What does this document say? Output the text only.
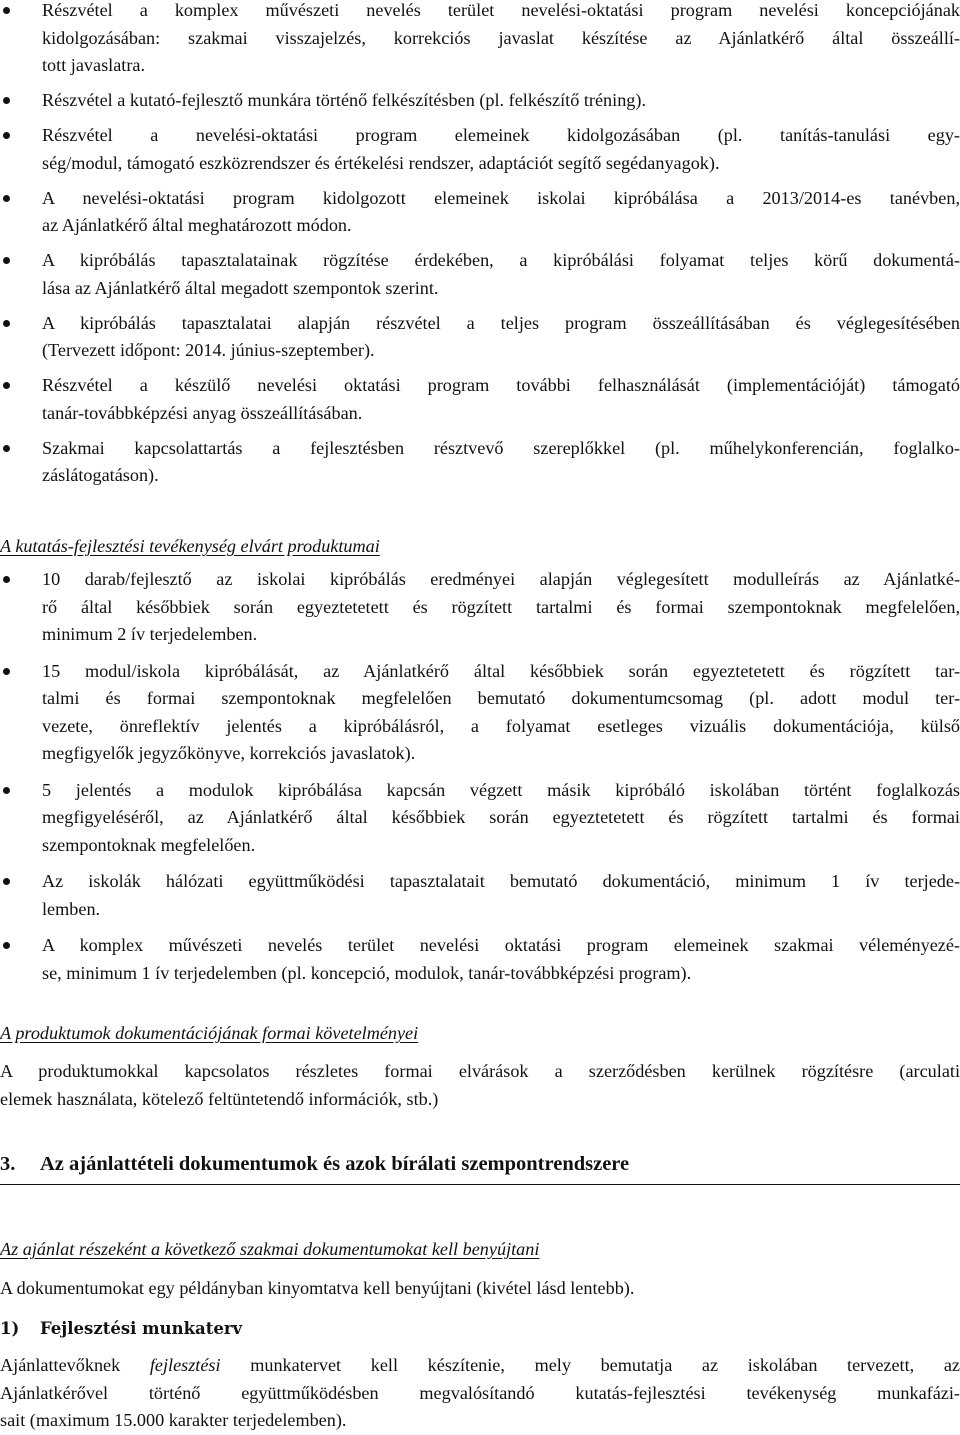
Részvétel a komplex művészeti nevelés terület nevelési-oktatási program nevelési koncepciójának
kidolgozásában: szakmai visszajelzés, korrekciós javaslat készítése az Ajánlatkérő által összeállí-
tott javaslatra.
Részvétel a kutató-fejlesztő munkára történő felkészítésben (pl. felkészítő tréning).
Részvétel a nevelési-oktatási program elemeinek kidolgozásában (pl. tanítás-tanulási egy-
ség/modul, támogató eszközrendszer és értékelési rendszer, adaptációt segítő segédanyagok).
A nevelési-oktatási program kidolgozott elemeinek iskolai kipróbálása a 2013/2014-es tanévben,
az Ajánlatkérő által meghatározott módon.
A kipróbálás tapasztalatainak rögzítése érdekében, a kipróbálási folyamat teljes körű dokumentá-
lása az Ajánlatkérő által megadott szempontok szerint.
A kipróbálás tapasztalatai alapján részvétel a teljes program összeállításában és véglegesítésében
(Tervezett időpont: 2014. június-szeptember).
Részvétel a készülő nevelési oktatási program további felhasználását (implementációját) támogató
tanár-továbbképzési anyag összeállításában.
Szakmai kapcsolattartás a fejlesztésben résztvevő szereplőkkel (pl. műhelykonferencián, foglalko-
záslátogatáson).
A kutatás-fejlesztési tevékenység elvárt produktumai
10 darab/fejlesztő az iskolai kipróbálás eredményei alapján véglegesített modulleírás az Ajánlatké-
rő által későbbiek során egyeztetetett és rögzített tartalmi és formai szempontoknak megfelelően,
minimum 2 ív terjedelemben.
15 modul/iskola kipróbálását, az Ajánlatkérő által későbbiek során egyeztetetett és rögzített tar-
talmi és formai szempontoknak megfelelően bemutató dokumentumcsomag (pl. adott modul ter-
vezete, önreflektív jelentés a kipróbálásról, a folyamat esetleges vizuális dokumentációja, külső
megfigyelők jegyzőkönyve, korrekciós javaslatok).
5 jelentés a modulok kipróbálása kapcsán végzett másik kipróbáló iskolában történt foglalkozás
megfigyeléséről, az Ajánlatkérő által későbbiek során egyeztetetett és rögzített tartalmi és formai
szempontoknak megfelelően.
Az iskolák hálózati együttműködési tapasztalatait bemutató dokumentáció, minimum 1 ív terjede-
lemben.
A komplex művészeti nevelés terület nevelési oktatási program elemeinek szakmai véleményezé-
se, minimum 1 ív terjedelemben (pl. koncepció, modulok, tanár-továbbképzési program).
A produktumok dokumentációjának formai követelményei
A produktumokkal kapcsolatos részletes formai elvárások a szerződésben kerülnek rögzítésre (arculati
elemek használata, kötelező feltüntetendő információk, stb.)
3. Az ajánlattételi dokumentumok és azok bírálati szempontrendszere
Az ajánlat részeként a következő szakmai dokumentumokat kell benyújtani
A dokumentumokat egy példányban kinyomtatva kell benyújtani (kivétel lásd lentebb).
1) Fejlesztési munkaterv
Ajánlattevőknek fejlesztési munkatervet kell készítenie, mely bemutatja az iskolában tervezett, az
Ajánlatkérővel történő együttműködésben megvalósítandó kutatás-fejlesztési tevékenység munkafázi-
sait (maximum 15.000 karakter terjedelemben).
